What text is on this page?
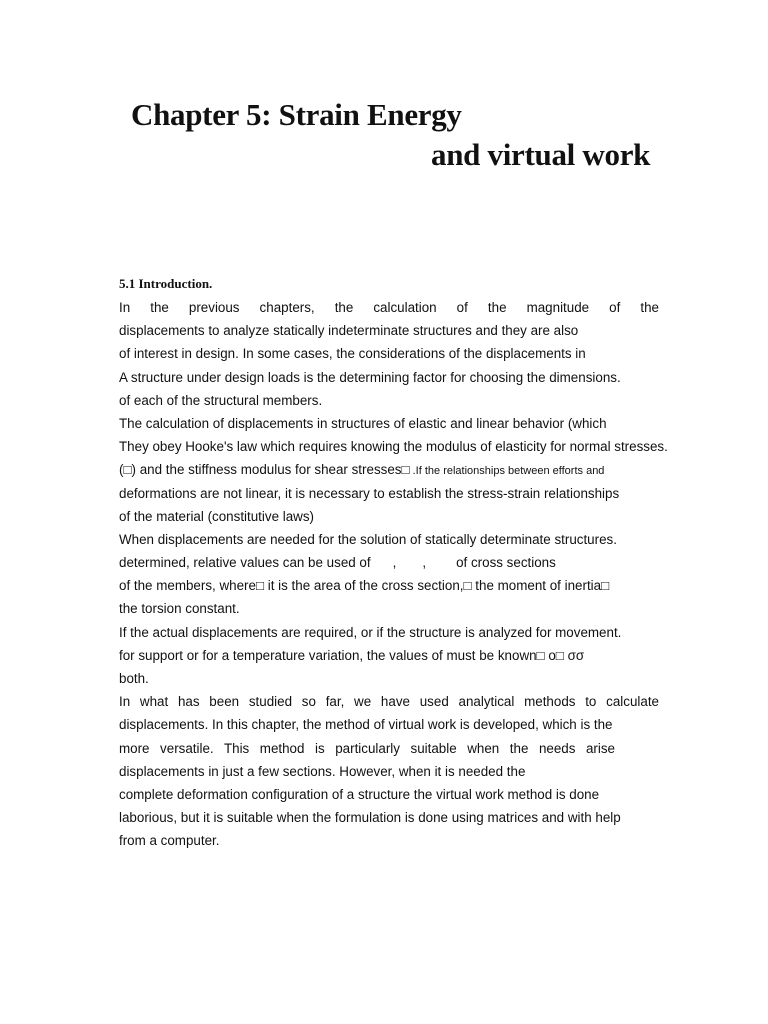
Chapter 5: Strain Energy
and virtual work
5.1 Introduction.
In the previous chapters, the calculation of the magnitude of the
displacements to analyze statically indeterminate structures and they are also
of interest in design. In some cases, the considerations of the displacements in
A structure under design loads is the determining factor for choosing the dimensions.
of each of the structural members.
The calculation of displacements in structures of elastic and linear behavior (which
They obey Hooke's law which requires knowing the modulus of elasticity for normal stresses.
(□) and the stiffness modulus for shear stresses□ .If the relationships between efforts and
deformations are not linear, it is necessary to establish the stress-strain relationships
of the material (constitutive laws)
When displacements are needed for the solution of statically determinate structures.
determined, relative values can be used of , , of cross sections
of the members, where□ it is the area of the cross section,□ the moment of inertia□
the torsion constant.
If the actual displacements are required, or if the structure is analyzed for movement.
for support or for a temperature variation, the values of must be known□ o□ σσ
both.
In what has been studied so far, we have used analytical methods to calculate
displacements. In this chapter, the method of virtual work is developed, which is the
more versatile. This method is particularly suitable when the needs arise
displacements in just a few sections. However, when it is needed the
complete deformation configuration of a structure the virtual work method is done
laborious, but it is suitable when the formulation is done using matrices and with help
from a computer.
